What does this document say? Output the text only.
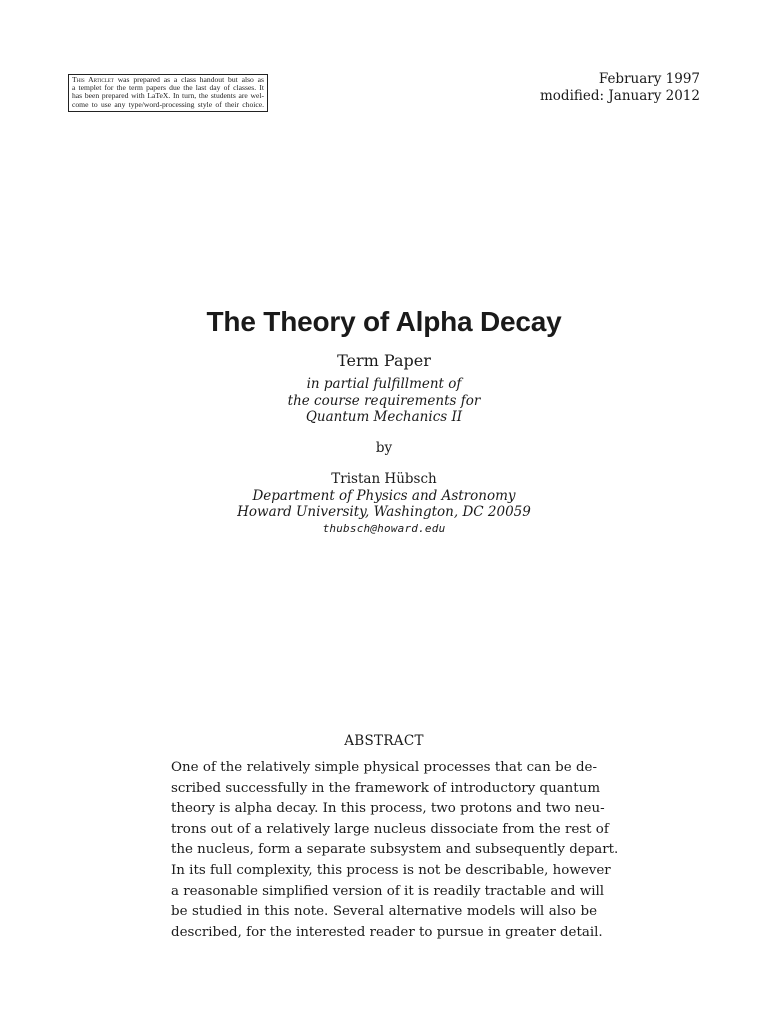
This Articlet was prepared as a class handout but also as
a templet for the term papers due the last day of classes. It
has been prepared with LaTeX. In turn, the students are wel-
come to use any type/word-processing style of their choice.
February 1997
modified: January 2012
The Theory of Alpha Decay
Term Paper
in partial fulfillment of
the course requirements for
Quantum Mechanics II
by
Tristan Hübsch
Department of Physics and Astronomy
Howard University, Washington, DC 20059
thubsch@howard.edu
ABSTRACT
One of the relatively simple physical processes that can be de-
scribed successfully in the framework of introductory quantum
theory is alpha decay. In this process, two protons and two neu-
trons out of a relatively large nucleus dissociate from the rest of
the nucleus, form a separate subsystem and subsequently depart.
In its full complexity, this process is not be describable, however
a reasonable simplified version of it is readily tractable and will
be studied in this note. Several alternative models will also be
described, for the interested reader to pursue in greater detail.
